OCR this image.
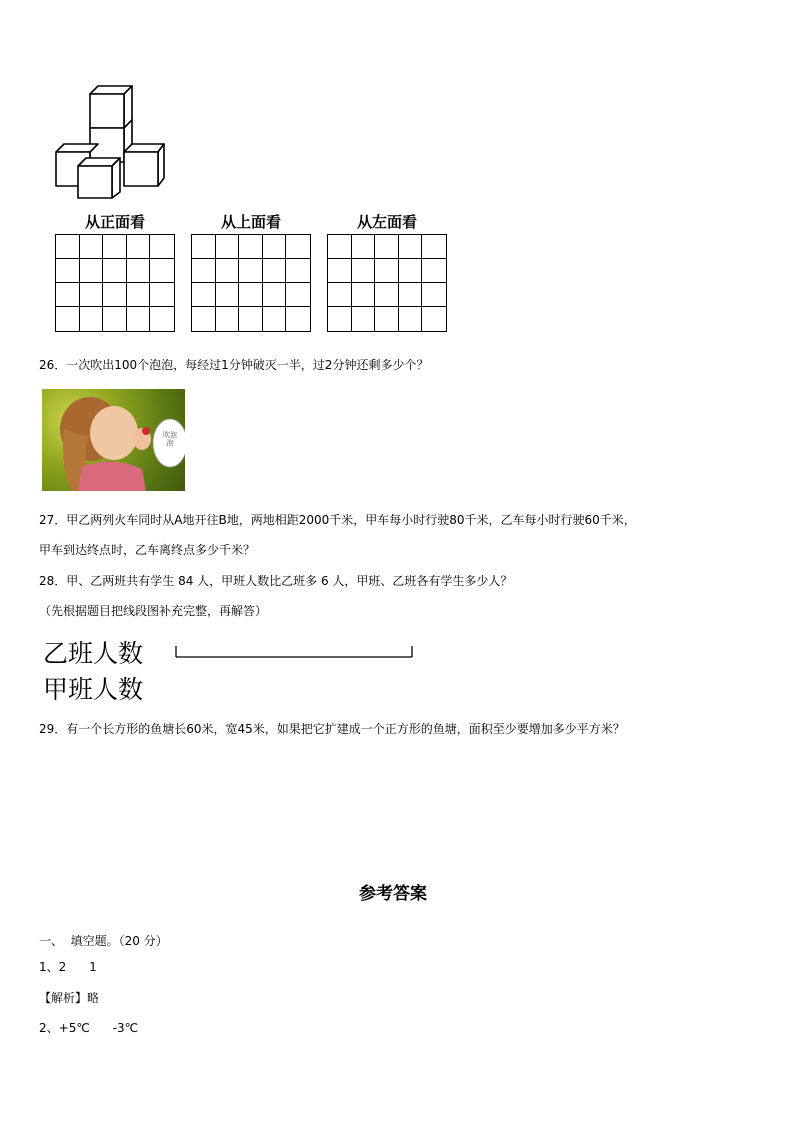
从正面看	从上面看	从左面看
26．一次吹出100个泡泡，每经过1分钟破灭一半，过2分钟还剩多少个？
吹泡泡
27．甲乙两列火车同时从A地开往B地，两地相距2000千米，甲车每小时行驶80千米，乙车每小时行驶60千米，
甲车到达终点时，乙车离终点多少千米？
28．甲、乙两班共有学生 84 人，甲班人数比乙班多 6 人，甲班、乙班各有学生多少人？
（先根据题目把线段图补充完整，再解答）
乙班人数
甲班人数
29．有一个长方形的鱼塘长60米，宽45米，如果把它扩建成一个正方形的鱼塘，面积至少要增加多少平方米？
参考答案
一、  填空题。（20 分）
1、2      1
【解析】略
2、+5℃      -3℃
